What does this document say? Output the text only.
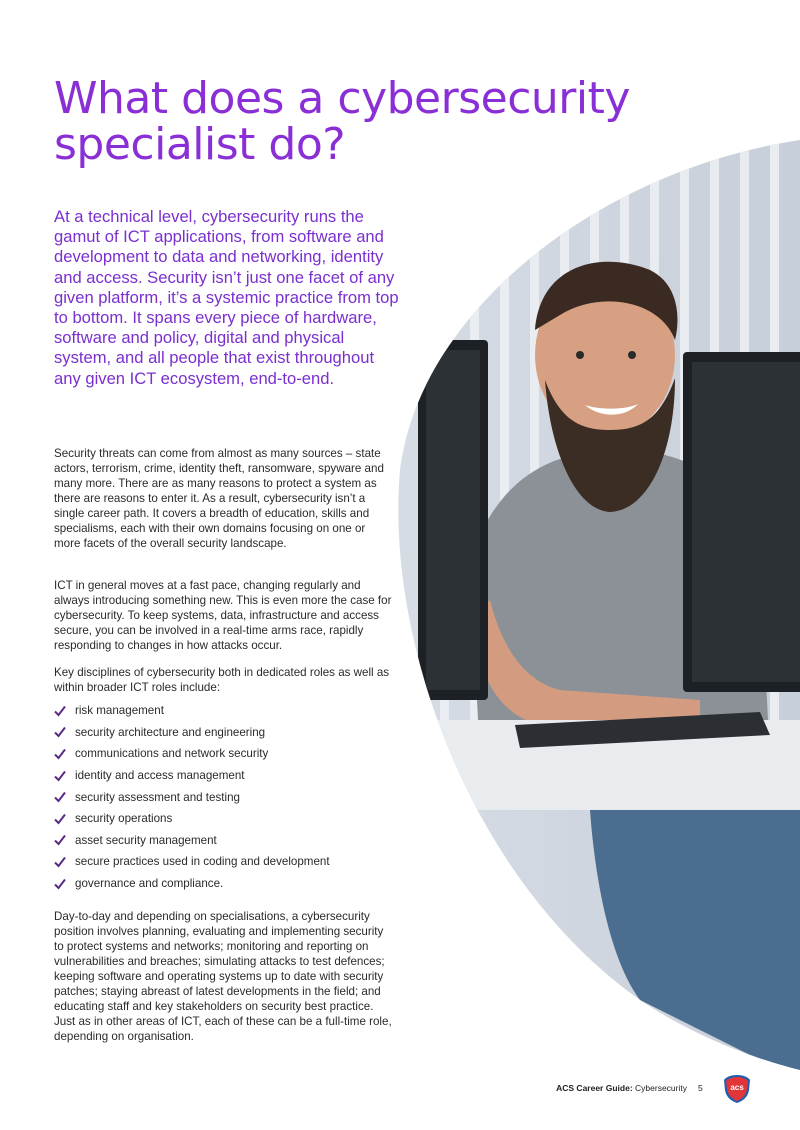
What does a cybersecurity
specialist do?

At a technical level, cybersecurity runs the gamut of ICT applications, from software and development to data and networking, identity and access. Security isn’t just one facet of any given platform, it’s a systemic practice from top to bottom. It spans every piece of hardware, software and policy, digital and physical system, and all people that exist throughout any given ICT ecosystem, end-to-end.

Security threats can come from almost as many sources – state actors, terrorism, crime, identity theft, ransomware, spyware and many more. There are as many reasons to protect a system as there are reasons to enter it. As a result, cybersecurity isn’t a single career path. It covers a breadth of education, skills and specialisms, each with their own domains focusing on one or more facets of the overall security landscape.

ICT in general moves at a fast pace, changing regularly and always introducing something new. This is even more the case for cybersecurity. To keep systems, data, infrastructure and access secure, you can be involved in a real-time arms race, rapidly responding to changes in how attacks occur.

Key disciplines of cybersecurity both in dedicated roles as well as within broader ICT roles include:

risk management
security architecture and engineering
communications and network security
identity and access management
security assessment and testing
security operations
asset security management
secure practices used in coding and development
governance and compliance.

Day-to-day and depending on specialisations, a cybersecurity position involves planning, evaluating and implementing security to protect systems and networks; monitoring and reporting on vulnerabilities and breaches; simulating attacks to test defences; keeping software and operating systems up to date with security patches; staying abreast of latest developments in the field; and educating staff and key stakeholders on security best practice. Just as in other areas of ICT, each of these can be a full-time role, depending on organisation.

ACS Career Guide: Cybersecurity 5	acs
